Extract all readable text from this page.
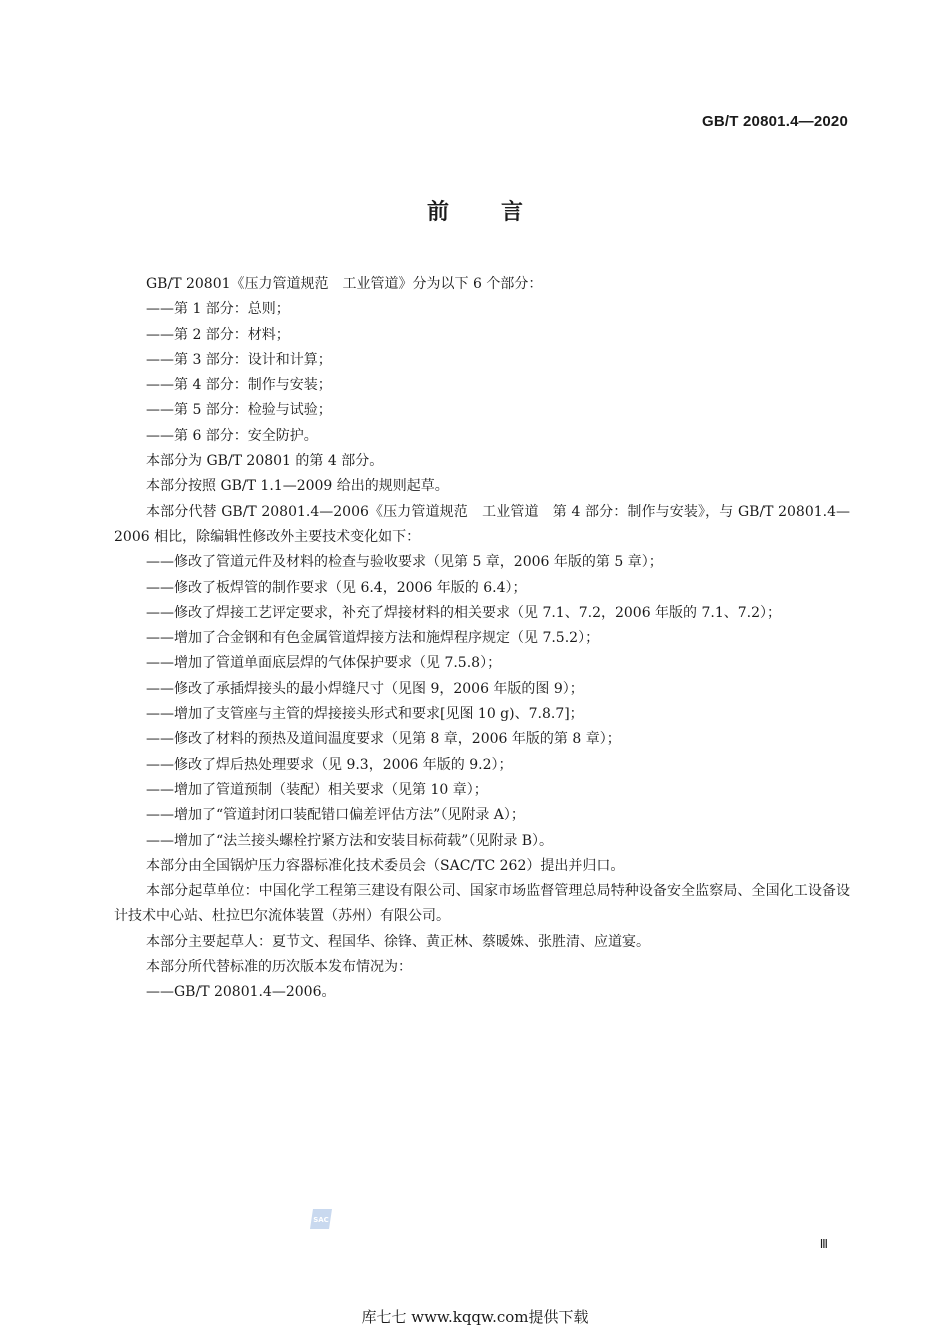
GB/T 20801.4—2020
前 言

GB/T 20801《压力管道规范　工业管道》分为以下 6 个部分：

——第 1 部分：总则；

——第 2 部分：材料；

——第 3 部分：设计和计算；

——第 4 部分：制作与安装；

——第 5 部分：检验与试验；

——第 6 部分：安全防护。

本部分为 GB/T 20801 的第 4 部分。

本部分按照 GB/T 1.1—2009 给出的规则起草。

本部分代替 GB/T 20801.4—2006《压力管道规范　工业管道　第 4 部分：制作与安装》，与 GB/T 20801.4—2006 相比，除编辑性修改外主要技术变化如下：

——修改了管道元件及材料的检查与验收要求（见第 5 章，2006 年版的第 5 章）；

——修改了板焊管的制作要求（见 6.4，2006 年版的 6.4）；

——修改了焊接工艺评定要求，补充了焊接材料的相关要求（见 7.1、7.2，2006 年版的 7.1、7.2）；

——增加了合金钢和有色金属管道焊接方法和施焊程序规定（见 7.5.2）；

——增加了管道单面底层焊的气体保护要求（见 7.5.8）；

——修改了承插焊接头的最小焊缝尺寸（见图 9，2006 年版的图 9）；

——增加了支管座与主管的焊接接头形式和要求[见图 10 g)、7.8.7]；

——修改了材料的预热及道间温度要求（见第 8 章，2006 年版的第 8 章）；

——修改了焊后热处理要求（见 9.3，2006 年版的 9.2）；

——增加了管道预制（装配）相关要求（见第 10 章）；

——增加了“管道封闭口装配错口偏差评估方法”（见附录 A）；

——增加了“法兰接头螺栓拧紧方法和安装目标荷载”（见附录 B）。

本部分由全国锅炉压力容器标准化技术委员会（SAC/TC 262）提出并归口。

本部分起草单位：中国化学工程第三建设有限公司、国家市场监督管理总局特种设备安全监察局、全国化工设备设计技术中心站、杜拉巴尔流体装置（苏州）有限公司。

本部分主要起草人：夏节文、程国华、徐锋、黄正林、蔡暖姝、张胜清、应道宴。

本部分所代替标准的历次版本发布情况为：

——GB/T 20801.4—2006。

SAC
Ⅲ
库七七 www.kqqw.com提供下载
